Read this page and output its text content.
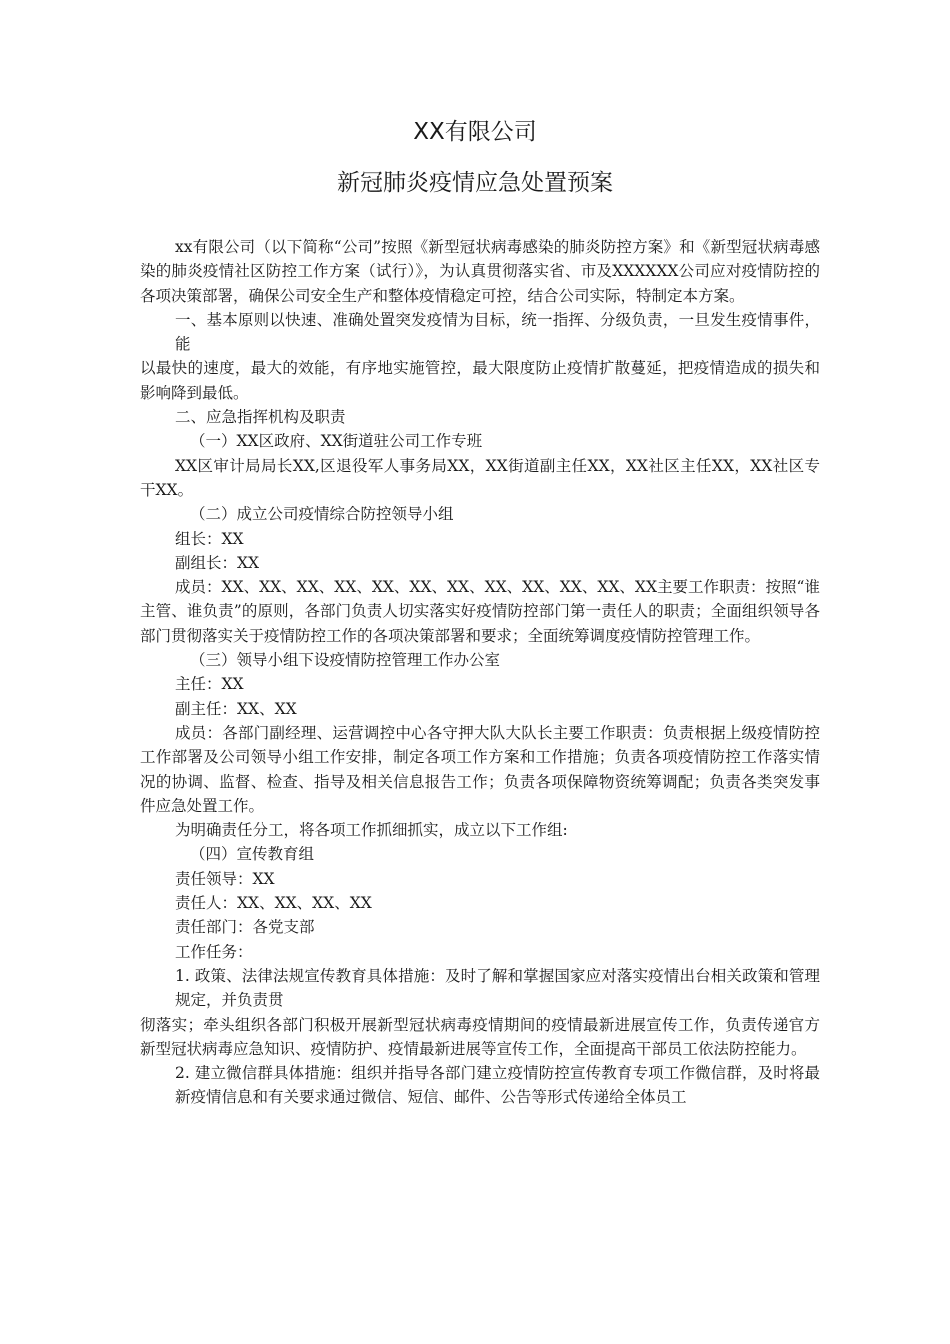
XX有限公司
新冠肺炎疫情应急处置预案

xx有限公司（以下简称“公司”按照《新型冠状病毒感染的肺炎防控方案》和《新型冠状病毒感染的肺炎疫情社区防控工作方案（试行）》，为认真贯彻落实省、市及XXXXXX公司应对疫情防控的各项决策部署，确保公司安全生产和整体疫情稳定可控，结合公司实际，特制定本方案。

一、基本原则以快速、准确处置突发疫情为目标，统一指挥、分级负责，一旦发生疫情事件，能

以最快的速度，最大的效能，有序地实施管控，最大限度防止疫情扩散蔓延，把疫情造成的损失和影响降到最低。

二、应急指挥机构及职责

（一）XX区政府、XX街道驻公司工作专班

XX区审计局局长XX,区退役军人事务局XX，XX街道副主任XX，XX社区主任XX，XX社区专干XX。

（二）成立公司疫情综合防控领导小组

组长：XX

副组长：XX

成员：XX、XX、XX、XX、XX、XX、XX、XX、XX、XX、XX、XX主要工作职责：按照“谁主管、谁负责”的原则，各部门负责人切实落实好疫情防控部门第一责任人的职责；全面组织领导各部门贯彻落实关于疫情防控工作的各项决策部署和要求；全面统筹调度疫情防控管理工作。

（三）领导小组下设疫情防控管理工作办公室

主任：XX

副主任：XX、XX

成员：各部门副经理、运营调控中心各守押大队大队长主要工作职责：负责根据上级疫情防控工作部署及公司领导小组工作安排，制定各项工作方案和工作措施；负责各项疫情防控工作落实情况的协调、监督、检查、指导及相关信息报告工作；负责各项保障物资统筹调配；负责各类突发事件应急处置工作。

为明确责任分工，将各项工作抓细抓实，成立以下工作组:

（四）宣传教育组

责任领导：XX

责任人：XX、XX、XX、XX

责任部门：各党支部

工作任务：

1. 政策、法律法规宣传教育具体措施：及时了解和掌握国家应对落实疫情出台相关政策和管理规定，并负责贯

彻落实；牵头组织各部门积极开展新型冠状病毒疫情期间的疫情最新进展宣传工作，负责传递官方新型冠状病毒应急知识、疫情防护、疫情最新进展等宣传工作，全面提高干部员工依法防控能力。

2. 建立微信群具体措施：组织并指导各部门建立疫情防控宣传教育专项工作微信群，及时将最新疫情信息和有关要求通过微信、短信、邮件、公告等形式传递给全体员工
